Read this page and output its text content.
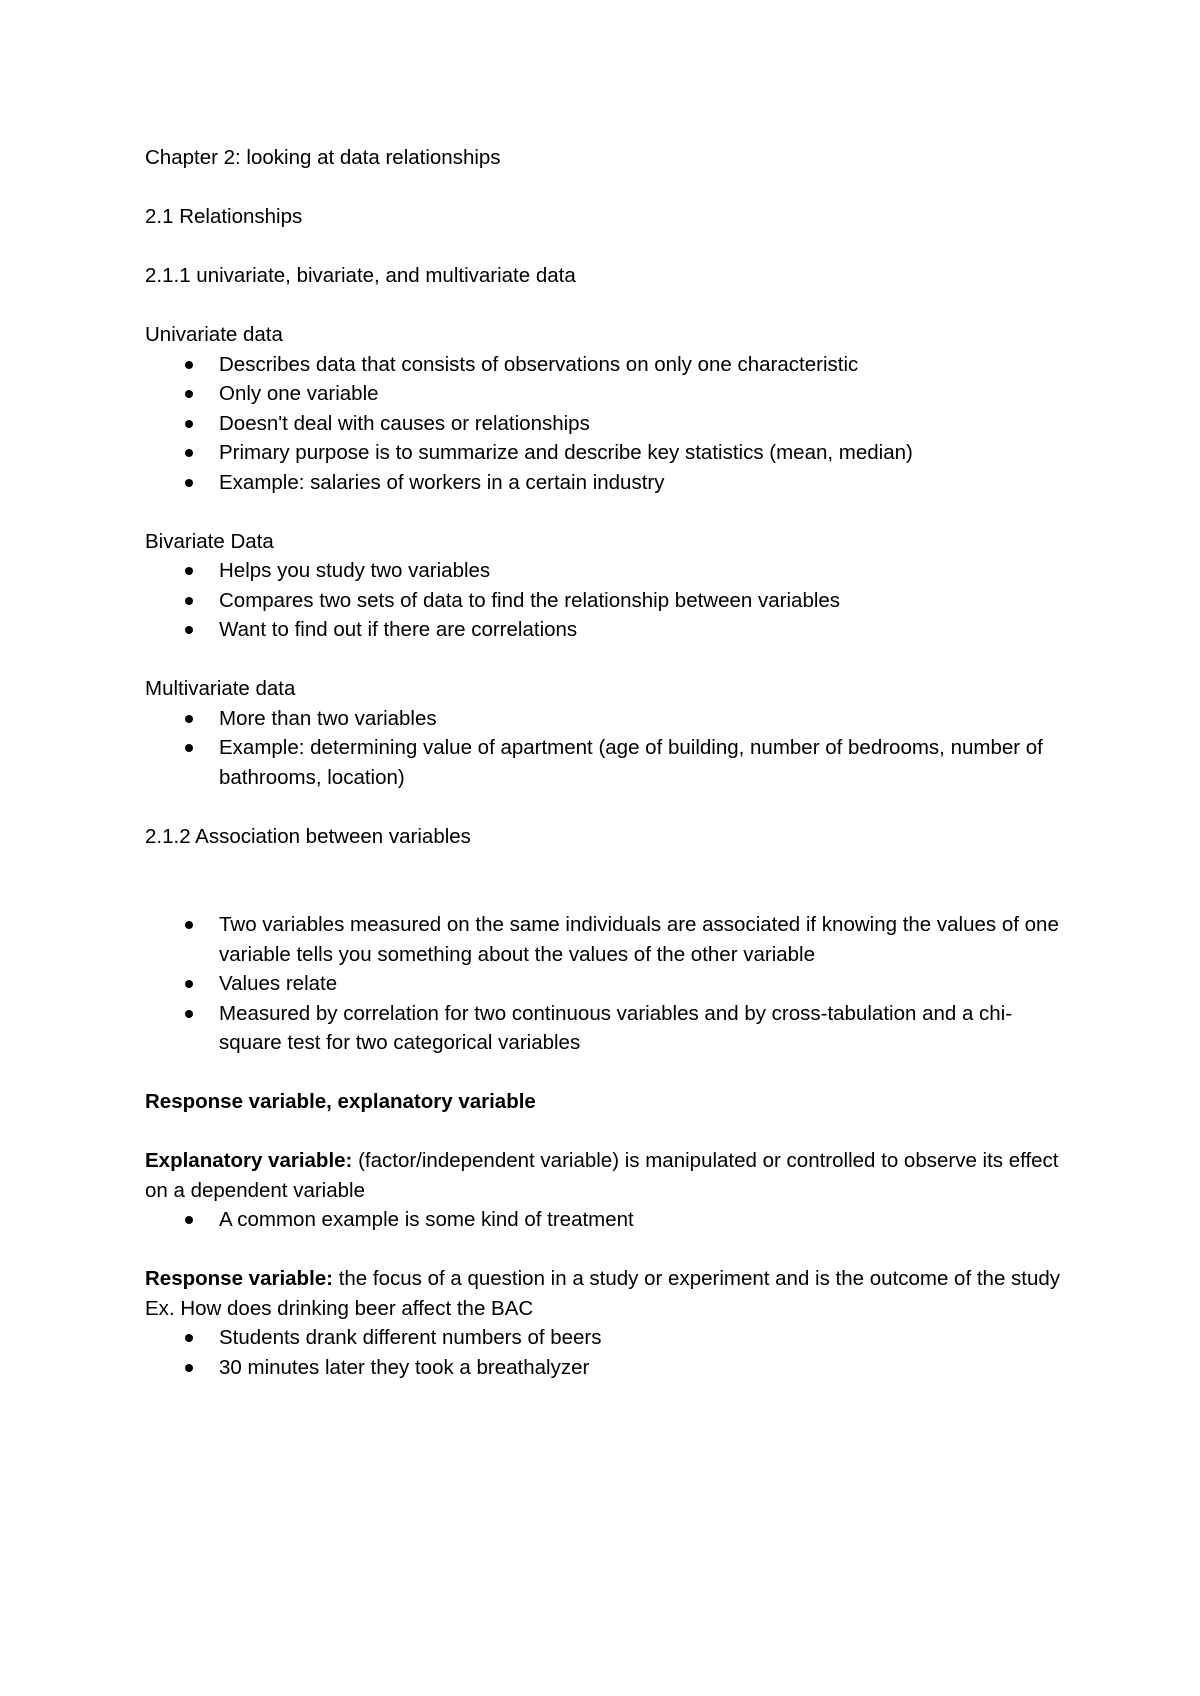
Chapter 2: looking at data relationships

2.1 Relationships

2.1.1 univariate, bivariate, and multivariate data

Univariate data

Describes data that consists of observations on only one characteristic
Only one variable
Doesn't deal with causes or relationships
Primary purpose is to summarize and describe key statistics (mean, median)
Example: salaries of workers in a certain industry

Bivariate Data

Helps you study two variables
Compares two sets of data to find the relationship between variables
Want to find out if there are correlations

Multivariate data

More than two variables
Example: determining value of apartment (age of building, number of bedrooms, number of bathrooms, location)

2.1.2 Association between variables

Two variables measured on the same individuals are associated if knowing the values of one variable tells you something about the values of the other variable
Values relate
Measured by correlation for two continuous variables and by cross-tabulation and a chi-square test for two categorical variables

Response variable, explanatory variable

Explanatory variable: (factor/independent variable) is manipulated or controlled to observe its effect on a dependent variable

A common example is some kind of treatment

Response variable: the focus of a question in a study or experiment and is the outcome of the study

Ex. How does drinking beer affect the BAC

Students drank different numbers of beers
30 minutes later they took a breathalyzer
